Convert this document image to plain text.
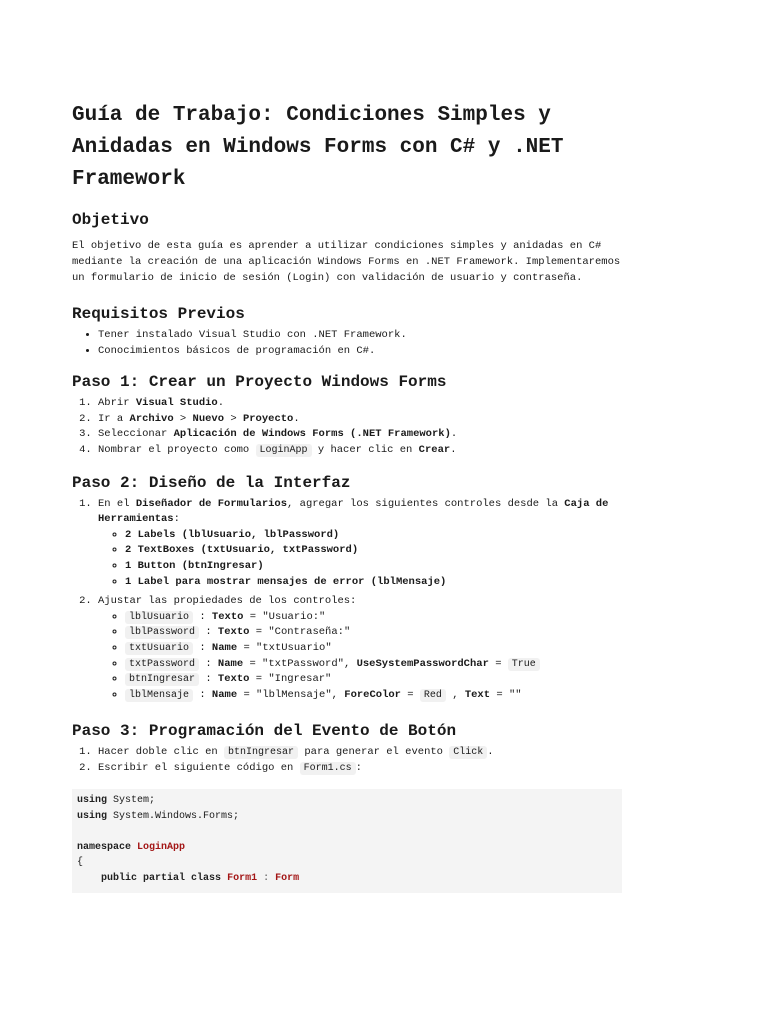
Guía de Trabajo: Condiciones Simples y Anidadas en Windows Forms con C# y .NET Framework
Objetivo

El objetivo de esta guía es aprender a utilizar condiciones simples y anidadas en C# mediante la creación de una aplicación Windows Forms en .NET Framework. Implementaremos un formulario de inicio de sesión (Login) con validación de usuario y contraseña.

Requisitos Previos
• Tener instalado Visual Studio con .NET Framework.
• Conocimientos básicos de programación en C#.
Paso 1: Crear un Proyecto Windows Forms
1. Abrir Visual Studio.
2. Ir a Archivo > Nuevo > Proyecto.
3. Seleccionar Aplicación de Windows Forms (.NET Framework).
4. Nombrar el proyecto como LoginApp y hacer clic en Crear.
Paso 2: Diseño de la Interfaz
1. En el Diseñador de Formularios, agregar los siguientes controles desde la Caja de Herramientas:
◦ 2 Labels (lblUsuario, lblPassword)
◦ 2 TextBoxes (txtUsuario, txtPassword)
◦ 1 Button (btnIngresar)
◦ 1 Label para mostrar mensajes de error (lblMensaje)
2. Ajustar las propiedades de los controles:
◦ lblUsuario : Texto = "Usuario:"
◦ lblPassword : Texto = "Contraseña:"
◦ txtUsuario : Name = "txtUsuario"
◦ txtPassword : Name = "txtPassword", UseSystemPasswordChar = True
◦ btnIngresar : Texto = "Ingresar"
◦ lblMensaje : Name = "lblMensaje", ForeColor = Red , Text = ""
Paso 3: Programación del Evento de Botón
1. Hacer doble clic en btnIngresar para generar el evento Click .
2. Escribir el siguiente código en Form1.cs :
using System;
using System.Windows.Forms;
namespace LoginApp
{
public partial class Form1 : Form
